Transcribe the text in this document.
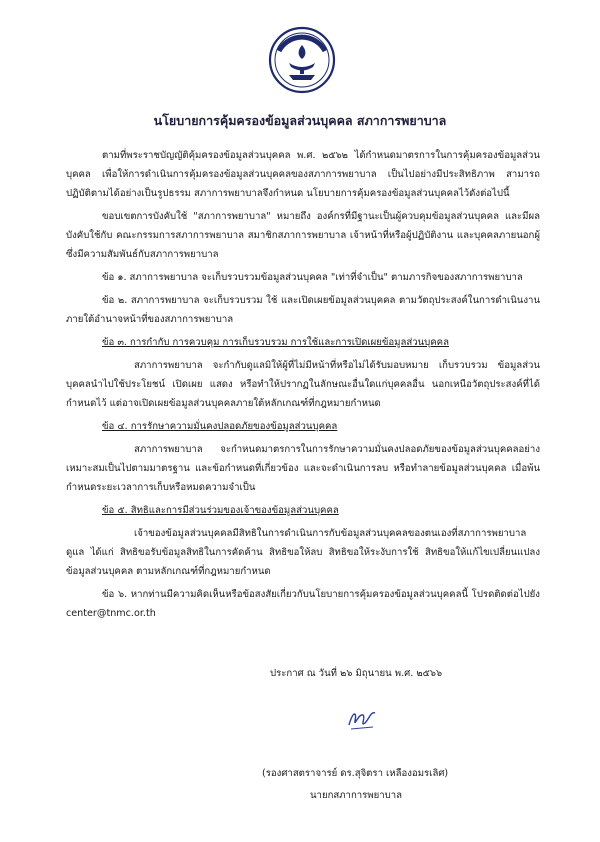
นโยบายการคุ้มครองข้อมูลส่วนบุคคล สภาการพยาบาล

ตามที่พระราชบัญญัติคุ้มครองข้อมูลส่วนบุคคล พ.ศ. ๒๕๖๒ ได้กำหนดมาตรการในการคุ้มครองข้อมูลส่วนบุคคล เพื่อให้การดำเนินการคุ้มครองข้อมูลส่วนบุคคลของสภาการพยาบาล เป็นไปอย่างมีประสิทธิภาพ สามารถปฏิบัติตามได้อย่างเป็นรูปธรรม สภาการพยาบาลจึงกำหนด นโยบายการคุ้มครองข้อมูลส่วนบุคคลไว้ดังต่อไปนี้

ขอบเขตการบังคับใช้ "สภาการพยาบาล" หมายถึง องค์กรที่มีฐานะเป็นผู้ควบคุมข้อมูลส่วนบุคคล และมีผลบังคับใช้กับ คณะกรรมการสภาการพยาบาล สมาชิกสภาการพยาบาล เจ้าหน้าที่หรือผู้ปฏิบัติงาน และบุคคลภายนอกผู้ซึ่งมีความสัมพันธ์กับสภาการพยาบาล

ข้อ ๑. สภาการพยาบาล จะเก็บรวบรวมข้อมูลส่วนบุคคล "เท่าที่จำเป็น" ตามภารกิจของสภาการพยาบาล

ข้อ ๒. สภาการพยาบาล จะเก็บรวบรวม ใช้ และเปิดเผยข้อมูลส่วนบุคคล ตามวัตถุประสงค์ในการดำเนินงานภายใต้อำนาจหน้าที่ของสภาการพยาบาล

ข้อ ๓. การกำกับ การควบคุม การเก็บรวบรวม การใช้และการเปิดเผยข้อมูลส่วนบุคคล

สภาการพยาบาล จะกำกับดูแลมิให้ผู้ที่ไม่มีหน้าที่หรือไม่ได้รับมอบหมาย เก็บรวบรวม ข้อมูลส่วนบุคคลนำไปใช้ประโยชน์ เปิดเผย แสดง หรือทำให้ปรากฏในลักษณะอื่นใดแก่บุคคลอื่น นอกเหนือวัตถุประสงค์ที่ได้กำหนดไว้ แต่อาจเปิดเผยข้อมูลส่วนบุคคลภายใต้หลักเกณฑ์ที่กฎหมายกำหนด

ข้อ ๔. การรักษาความมั่นคงปลอดภัยของข้อมูลส่วนบุคคล

สภาการพยาบาล จะกำหนดมาตรการในการรักษาความมั่นคงปลอดภัยของข้อมูลส่วนบุคคลอย่างเหมาะสมเป็นไปตามมาตรฐาน และข้อกำหนดที่เกี่ยวข้อง และจะดำเนินการลบ หรือทำลายข้อมูลส่วนบุคคล เมื่อพ้นกำหนดระยะเวลาการเก็บหรือหมดความจำเป็น

ข้อ ๕. สิทธิและการมีส่วนร่วมของเจ้าของข้อมูลส่วนบุคคล

เจ้าของข้อมูลส่วนบุคคลมีสิทธิในการดำเนินการกับข้อมูลส่วนบุคคลของตนเองที่สภาการพยาบาลดูแล ได้แก่ สิทธิขอรับข้อมูลสิทธิในการคัดค้าน สิทธิขอให้ลบ สิทธิขอให้ระงับการใช้ สิทธิขอให้แก้ไขเปลี่ยนแปลงข้อมูลส่วนบุคคล ตามหลักเกณฑ์ที่กฎหมายกำหนด

ข้อ ๖. หากท่านมีความคิดเห็นหรือข้อสงสัยเกี่ยวกับนโยบายการคุ้มครองข้อมูลส่วนบุคคลนี้ โปรดติดต่อไปยัง center@tnmc.or.th

ประกาศ ณ วันที่ ๒๖ มิถุนายน พ.ศ. ๒๕๖๖
(รองศาสตราจารย์ ดร.สุจิตรา เหลืองอมรเลิศ)
นายกสภาการพยาบาล
